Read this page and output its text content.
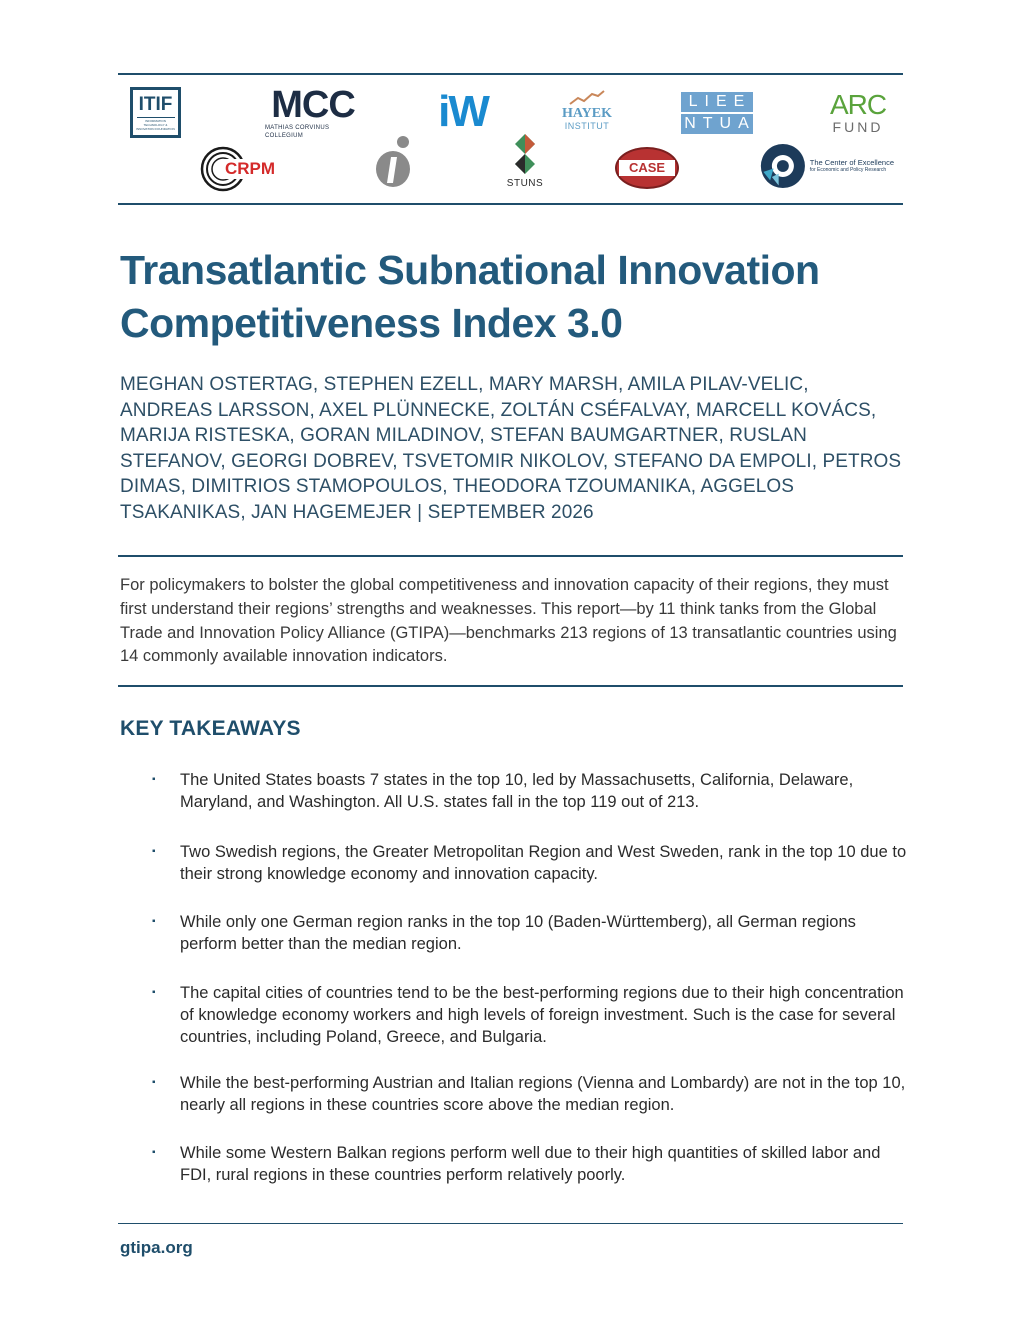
ITIF
INFORMATION TECHNOLOGY & INNOVATION FOUNDATION
MCC
MATHIAS CORVINUS COLLEGIUM	iW	HAYEK
INSTITUT
LIEE
NTUA
ARC
FUND
CRPM
STUNS
CASE	The Center of Excellence
for Economic and Policy Research
Transatlantic Subnational Innovation Competitiveness Index 3.0
MEGHAN OSTERTAG, STEPHEN EZELL, MARY MARSH, AMILA PILAV-VELIC, ANDREAS LARSSON, AXEL PLÜNNECKE, ZOLTÁN CSÉFALVAY, MARCELL KOVÁCS, MARIJA RISTESKA, GORAN MILADINOV, STEFAN BAUMGARTNER, RUSLAN STEFANOV, GEORGI DOBREV, TSVETOMIR NIKOLOV, STEFANO DA EMPOLI, PETROS DIMAS, DIMITRIOS STAMOPOULOS, THEODORA TZOUMANIKA, AGGELOS TSAKANIKAS, JAN HAGEMEJER | SEPTEMBER 2026

For policymakers to bolster the global competitiveness and innovation capacity of their regions, they must first understand their regions’ strengths and weaknesses. This report—by 11 think tanks from the Global Trade and Innovation Policy Alliance (GTIPA)—benchmarks 213 regions of 13 transatlantic countries using 14 commonly available innovation indicators.

KEY TAKEAWAYS
▪ The United States boasts 7 states in the top 10, led by Massachusetts, California, Delaware, Maryland, and Washington. All U.S. states fall in the top 119 out of 213.
▪ Two Swedish regions, the Greater Metropolitan Region and West Sweden, rank in the top 10 due to their strong knowledge economy and innovation capacity.
▪ While only one German region ranks in the top 10 (Baden-Württemberg), all German regions perform better than the median region.
▪ The capital cities of countries tend to be the best-performing regions due to their high concentration of knowledge economy workers and high levels of foreign investment. Such is the case for several countries, including Poland, Greece, and Bulgaria.
▪ While the best-performing Austrian and Italian regions (Vienna and Lombardy) are not in the top 10, nearly all regions in these countries score above the median region.
▪ While some Western Balkan regions perform well due to their high quantities of skilled labor and FDI, rural regions in these countries perform relatively poorly.
gtipa.org
